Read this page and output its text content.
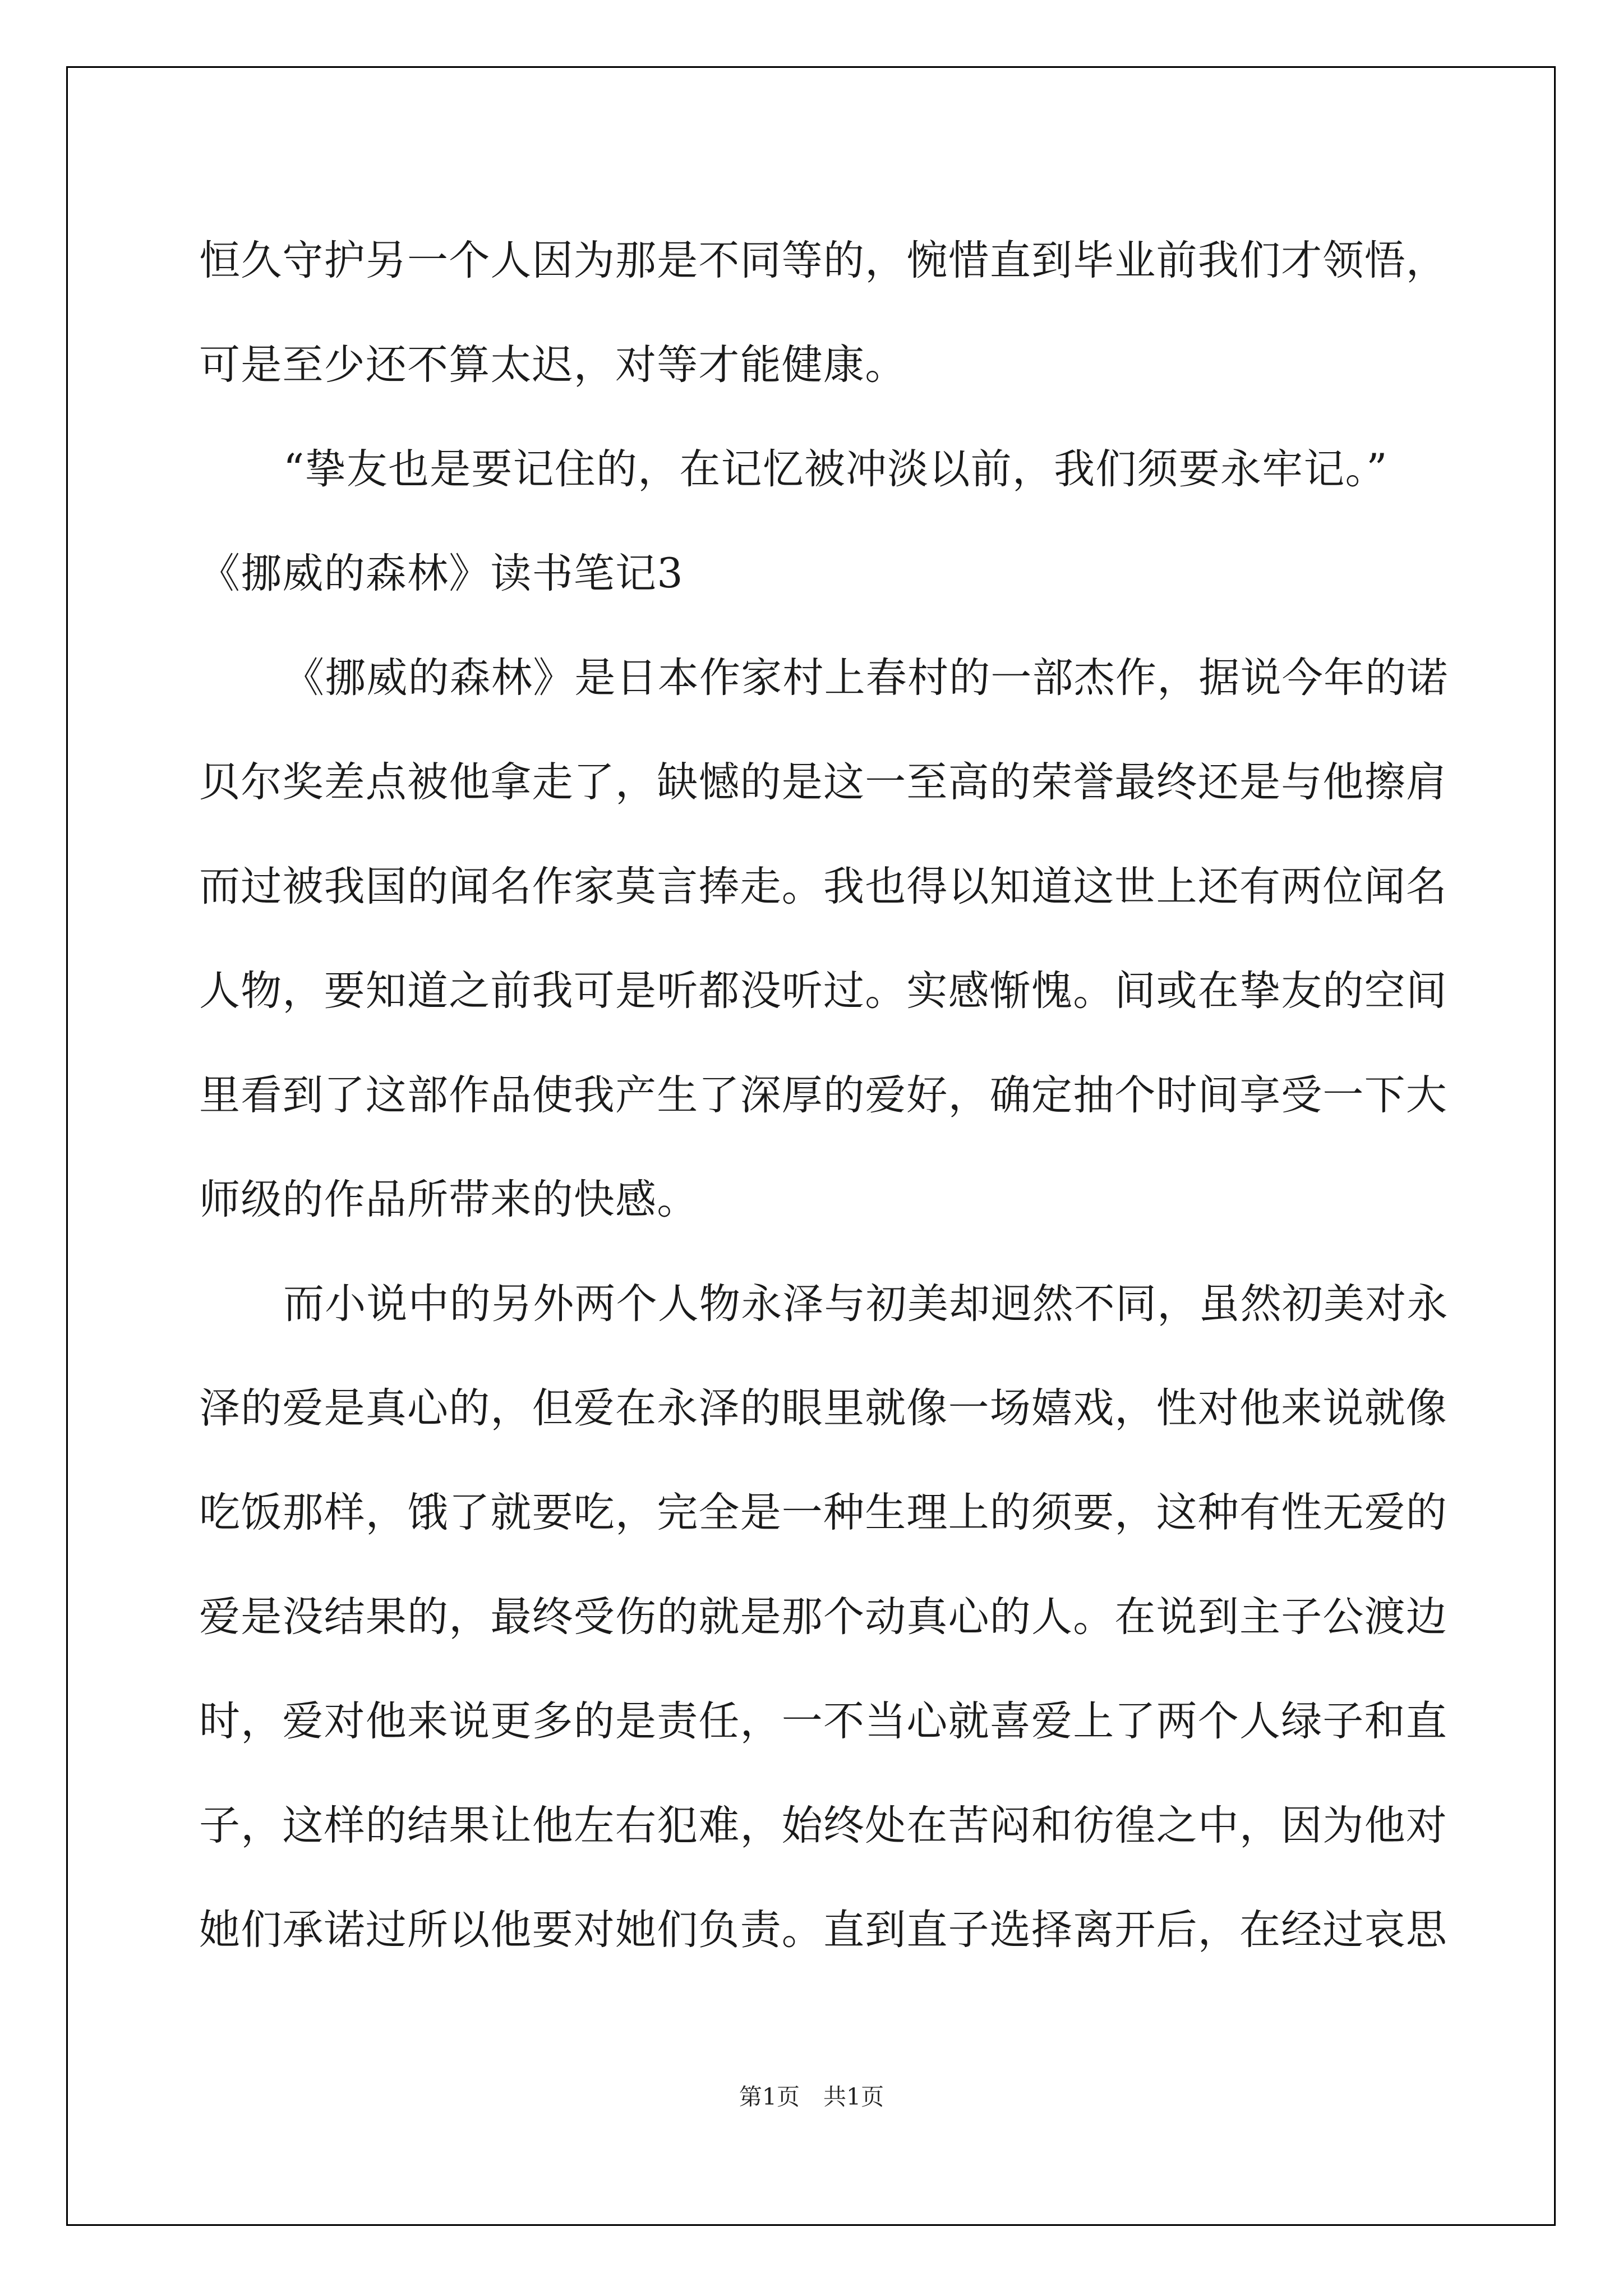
恒久守护另一个人因为那是不同等的，惋惜直到毕业前我们才领悟，
可是至少还不算太迟，对等才能健康。
“挚友也是要记住的，在记忆被冲淡以前，我们须要永牢记。”
《挪威的森林》读书笔记3
《挪威的森林》是日本作家村上春村的一部杰作，据说今年的诺
贝尔奖差点被他拿走了，缺憾的是这一至高的荣誉最终还是与他擦肩
而过被我国的闻名作家莫言捧走。我也得以知道这世上还有两位闻名
人物，要知道之前我可是听都没听过。实感惭愧。间或在挚友的空间
里看到了这部作品使我产生了深厚的爱好，确定抽个时间享受一下大
师级的作品所带来的快感。
而小说中的另外两个人物永泽与初美却迥然不同，虽然初美对永
泽的爱是真心的，但爱在永泽的眼里就像一场嬉戏，性对他来说就像
吃饭那样，饿了就要吃，完全是一种生理上的须要，这种有性无爱的
爱是没结果的，最终受伤的就是那个动真心的人。在说到主子公渡边
时，爱对他来说更多的是责任，一不当心就喜爱上了两个人绿子和直
子，这样的结果让他左右犯难，始终处在苦闷和彷徨之中，因为他对
她们承诺过所以他要对她们负责。直到直子选择离开后，在经过哀思
第1页 共1页
